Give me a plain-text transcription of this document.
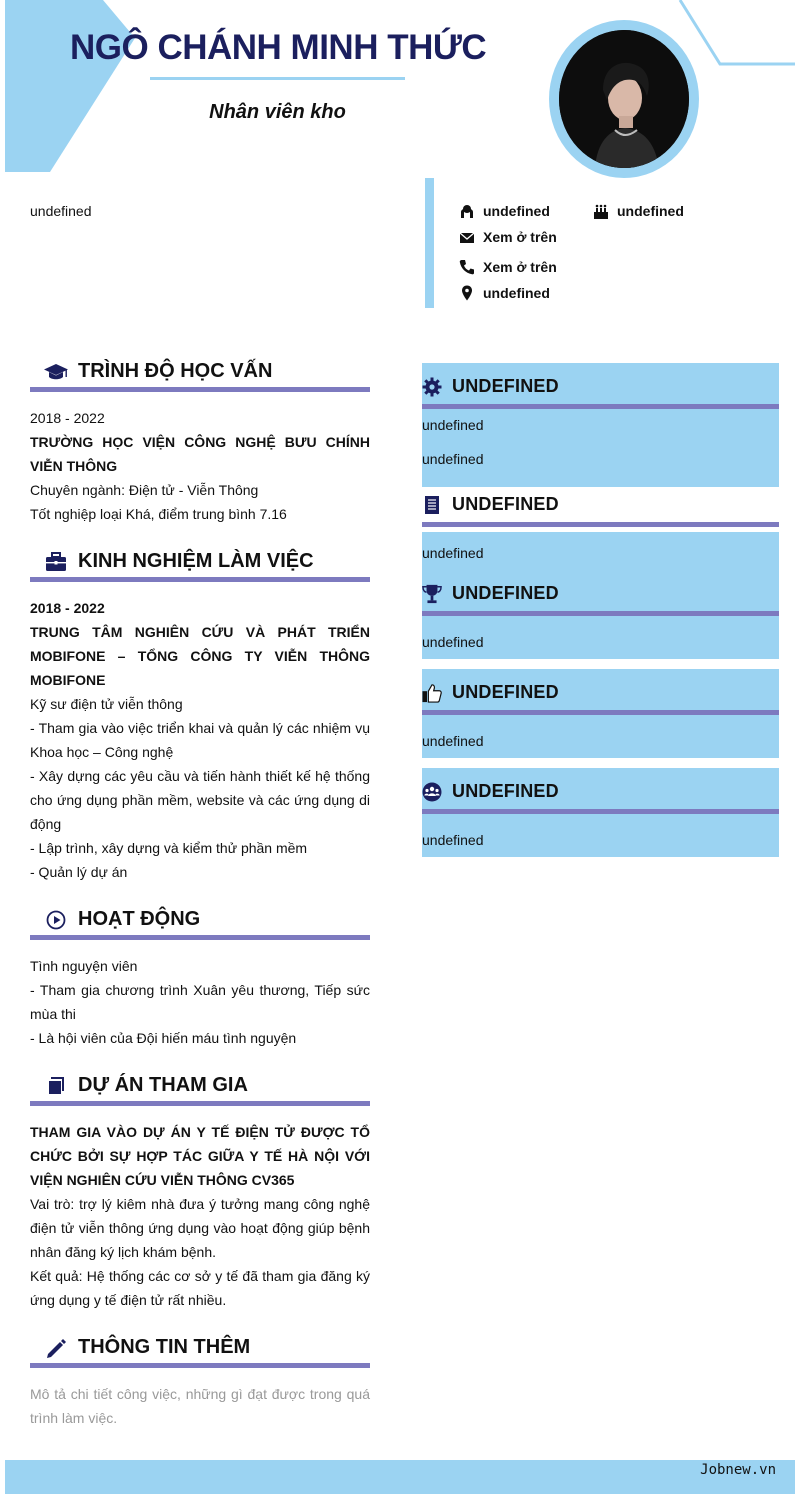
NGÔ CHÁNH MINH THỨC
Nhân viên kho
undefined	undefined	undefined
Xem ở trên
Xem ở trên
undefined
TRÌNH ĐỘ HỌC VẤN
2018 - 2022
TRƯỜNG HỌC VIỆN CÔNG NGHỆ BƯU CHÍNH VIỄN THÔNG
Chuyên ngành: Điện tử - Viễn Thông
Tốt nghiệp loại Khá, điểm trung bình 7.16
KINH NGHIỆM LÀM VIỆC
2018 - 2022
TRUNG TÂM NGHIÊN CỨU VÀ PHÁT TRIỂN MOBIFONE – TỔNG CÔNG TY VIỄN THÔNG MOBIFONE
Kỹ sư điện tử viễn thông
- Tham gia vào việc triển khai và quản lý các nhiệm vụ Khoa học – Công nghệ
- Xây dựng các yêu cầu và tiến hành thiết kế hệ thống cho ứng dụng phần mềm, website và các ứng dụng di động
- Lập trình, xây dựng và kiểm thử phần mềm
- Quản lý dự án
HOẠT ĐỘNG
Tình nguyện viên
- Tham gia chương trình Xuân yêu thương, Tiếp sức mùa thi
- Là hội viên của Đội hiến máu tình nguyện
DỰ ÁN THAM GIA
THAM GIA VÀO DỰ ÁN Y TẾ ĐIỆN TỬ ĐƯỢC TỔ CHỨC BỞI SỰ HỢP TÁC GIỮA Y TẾ HÀ NỘI VỚI VIỆN NGHIÊN CỨU VIỄN THÔNG CV365
Vai trò: trợ lý kiêm nhà đưa ý tưởng mang công nghệ điện tử viễn thông ứng dụng vào hoạt động giúp bệnh nhân đăng ký lịch khám bệnh.
Kết quả: Hệ thống các cơ sở y tế đã tham gia đăng ký ứng dụng y tế điện tử rất nhiều.
THÔNG TIN THÊM
Mô tả chi tiết công việc, những gì đạt được trong quá trình làm việc.
UNDEFINED
undefined
undefined
UNDEFINED
undefined
UNDEFINED
undefined
UNDEFINED
undefined
UNDEFINED
undefined
Jobnew.vn
